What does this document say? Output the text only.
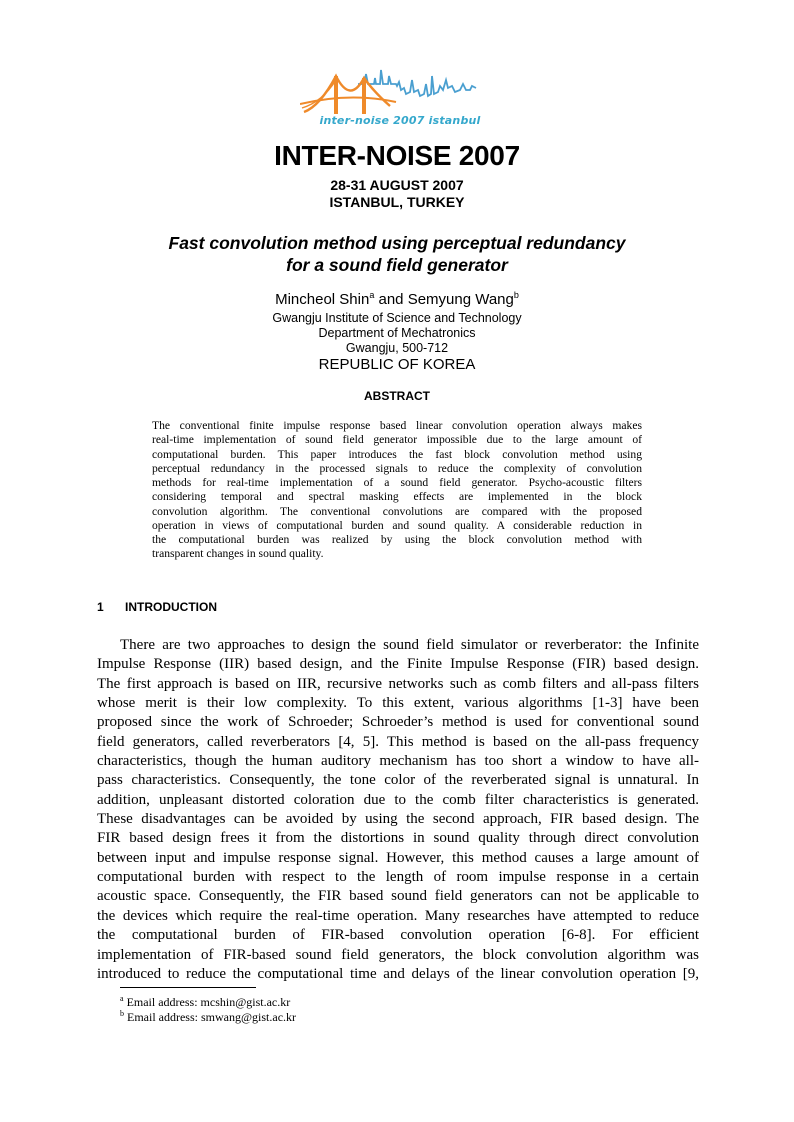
inter-noise 2007 istanbul
INTER-NOISE 2007
28-31 AUGUST 2007
ISTANBUL, TURKEY
Fast convolution method using perceptual redundancy
for a sound field generator
Mincheol Shin$^a$ and Semyung Wang$^b$
Gwangju Institute of Science and Technology
Department of Mechatronics
Gwangju, 500-712
REPUBLIC OF KOREA
ABSTRACT
The conventional finite impulse response based linear convolution operation always makes
real-time implementation of sound field generator impossible due to the large amount of
computational burden. This paper introduces the fast block convolution method using
perceptual redundancy in the processed signals to reduce the complexity of convolution
methods for real-time implementation of a sound field generator. Psycho-acoustic filters
considering temporal and spectral masking effects are implemented in the block
convolution algorithm. The conventional convolutions are compared with the proposed
operation in views of computational burden and sound quality. A considerable reduction in
the computational burden was realized by using the block convolution method with
transparent changes in sound quality.
1 INTRODUCTION
There are two approaches to design the sound field simulator or reverberator: the Infinite
Impulse Response (IIR) based design, and the Finite Impulse Response (FIR) based design.
The first approach is based on IIR, recursive networks such as comb filters and all-pass filters
whose merit is their low complexity. To this extent, various algorithms [1-3] have been
proposed since the work of Schroeder; Schroeder’s method is used for conventional sound
field generators, called reverberators [4, 5]. This method is based on the all-pass frequency
characteristics, though the human auditory mechanism has too short a window to have all-
pass characteristics. Consequently, the tone color of the reverberated signal is unnatural. In
addition, unpleasant distorted coloration due to the comb filter characteristics is generated.
These disadvantages can be avoided by using the second approach, FIR based design. The
FIR based design frees it from the distortions in sound quality through direct convolution
between input and impulse response signal. However, this method causes a large amount of
computational burden with respect to the length of room impulse response in a certain
acoustic space. Consequently, the FIR based sound field generators can not be applicable to
the devices which require the real-time operation. Many researches have attempted to reduce
the computational burden of FIR-based convolution operation [6-8]. For efficient
implementation of FIR-based sound field generators, the block convolution algorithm was
introduced to reduce the computational time and delays of the linear convolution operation [9,
$^a$ Email address: mcshin@gist.ac.kr
$^b$ Email address: smwang@gist.ac.kr
